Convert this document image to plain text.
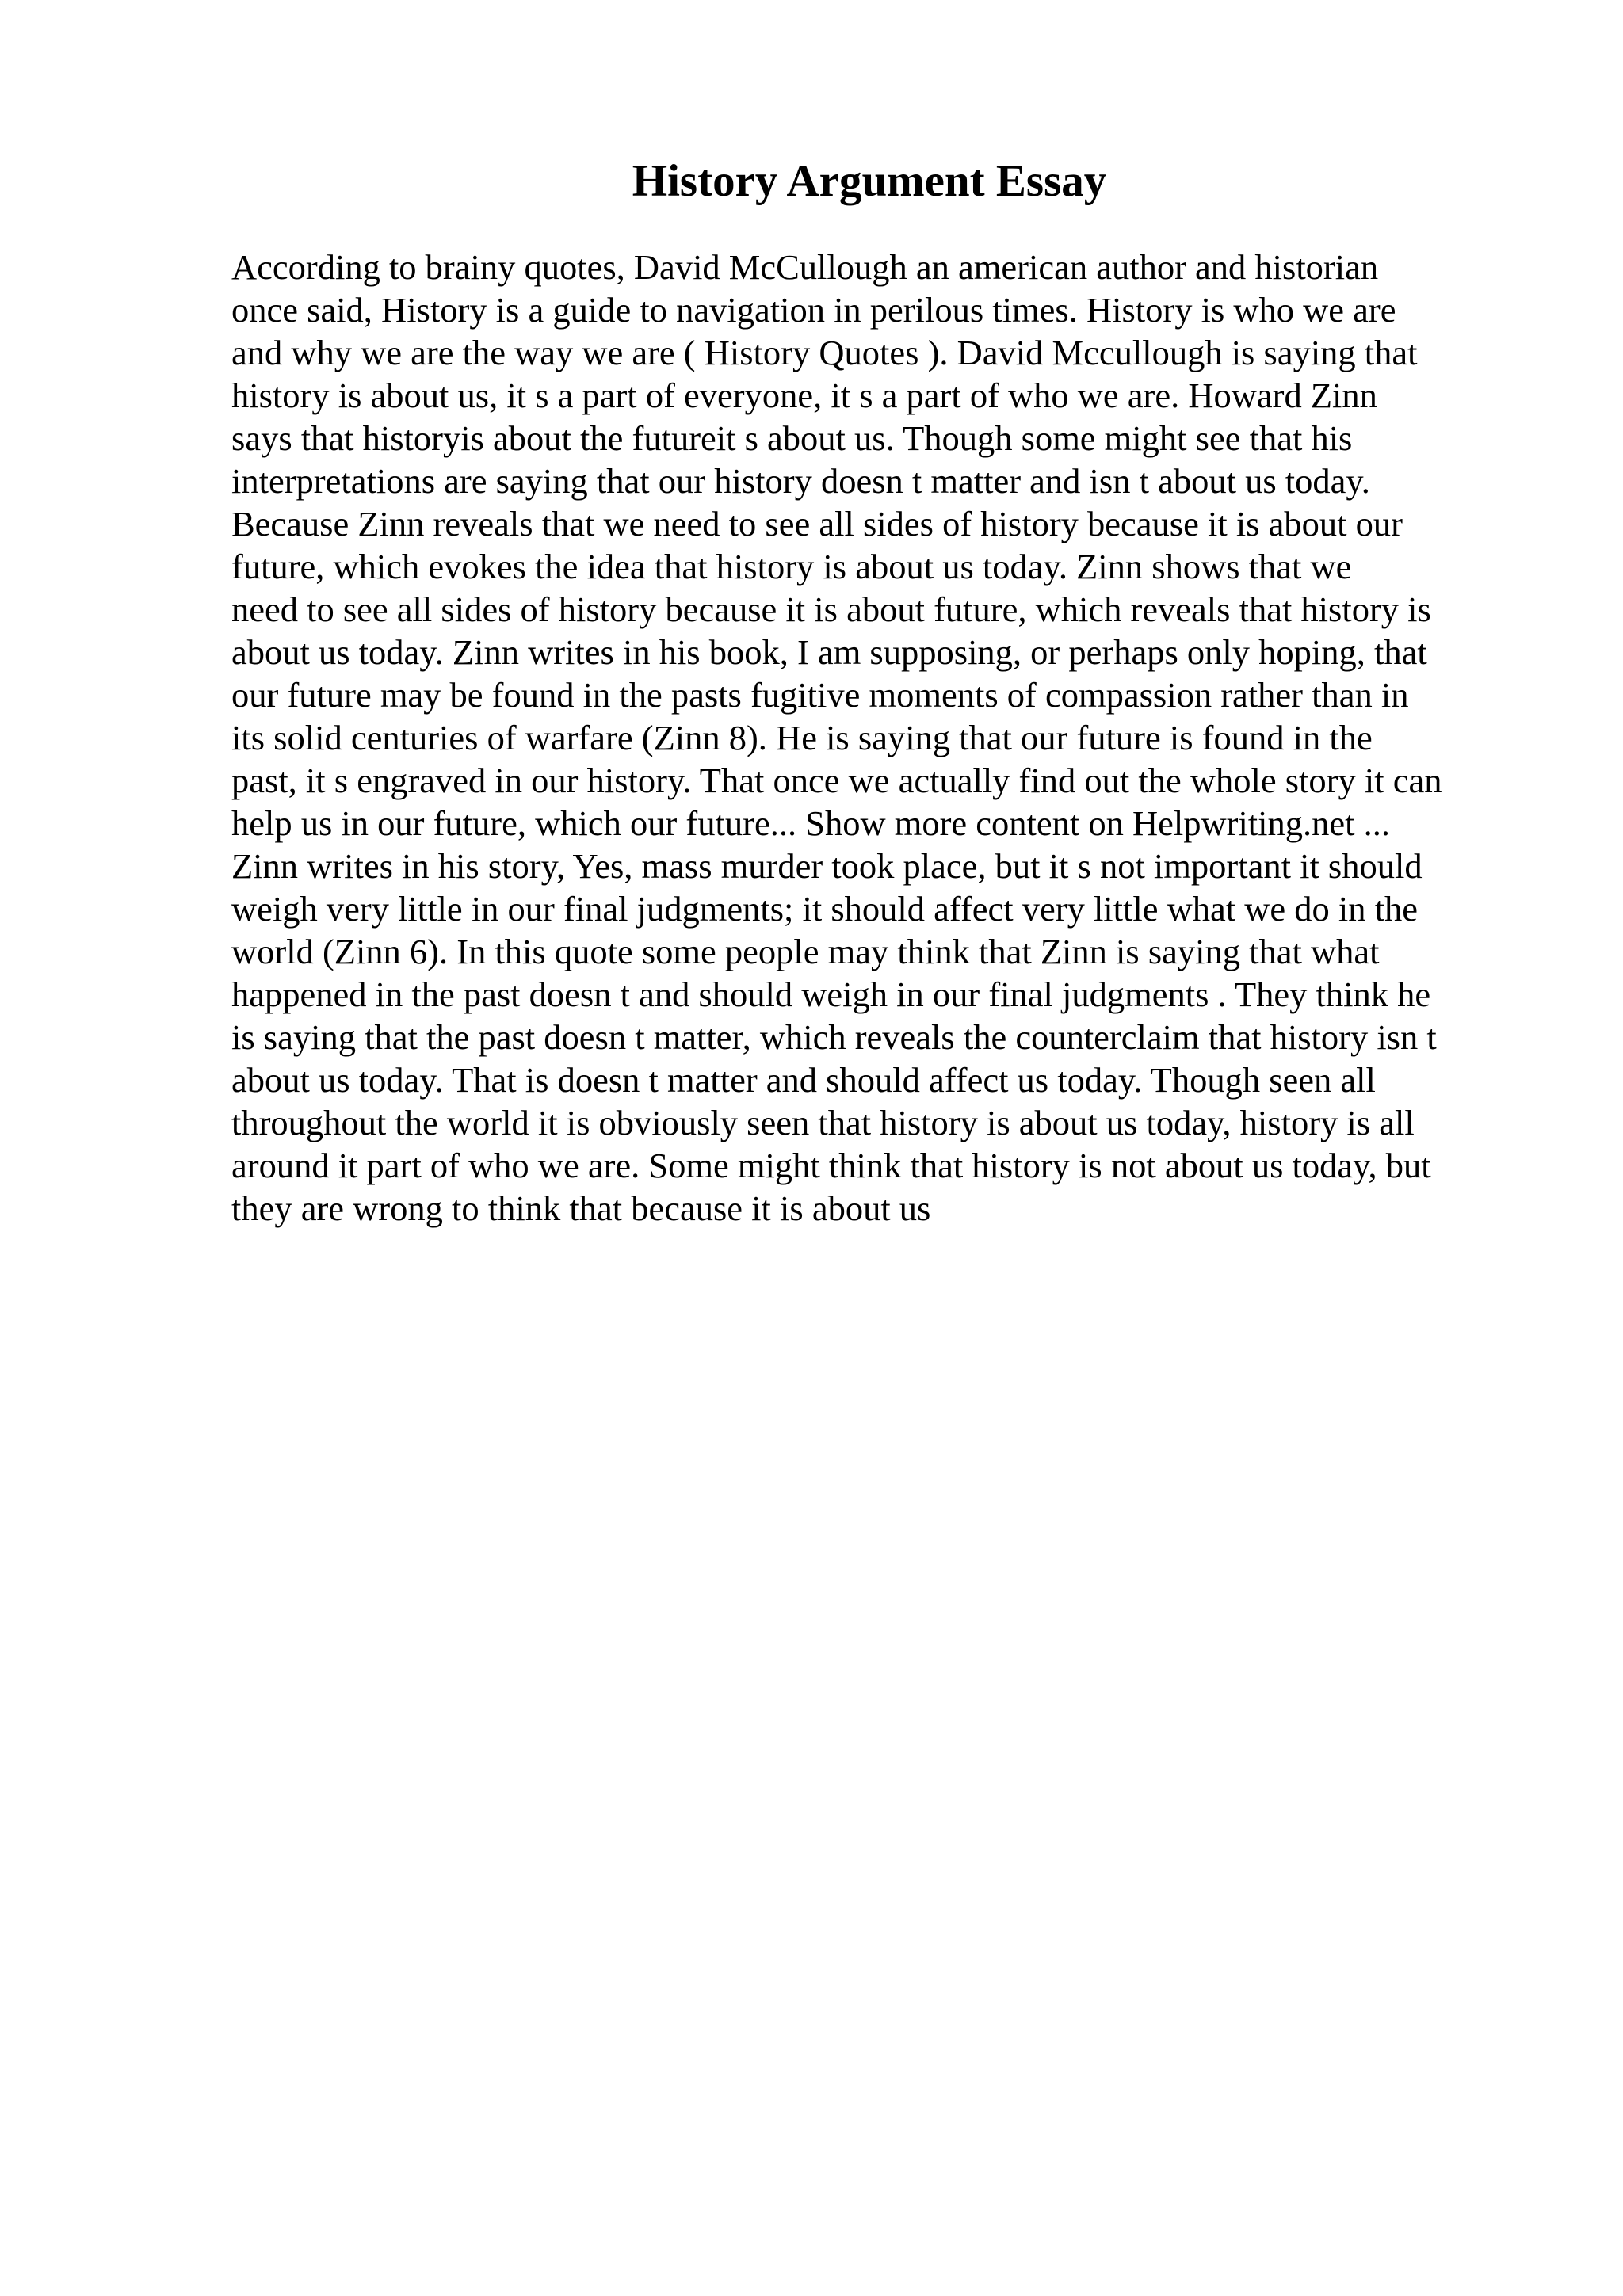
History Argument Essay
According to brainy quotes, David McCullough an american author and historian
once said, History is a guide to navigation in perilous times. History is who we are
and why we are the way we are ( History Quotes ). David Mccullough is saying that
history is about us, it s a part of everyone, it s a part of who we are. Howard Zinn
says that historyis about the futureit s about us. Though some might see that his
interpretations are saying that our history doesn t matter and isn t about us today.
Because Zinn reveals that we need to see all sides of history because it is about our
future, which evokes the idea that history is about us today. Zinn shows that we
need to see all sides of history because it is about future, which reveals that history is
about us today. Zinn writes in his book, I am supposing, or perhaps only hoping, that
our future may be found in the pasts fugitive moments of compassion rather than in
its solid centuries of warfare (Zinn 8). He is saying that our future is found in the
past, it s engraved in our history. That once we actually find out the whole story it can
help us in our future, which our future... Show more content on Helpwriting.net ...
Zinn writes in his story, Yes, mass murder took place, but it s not important it should
weigh very little in our final judgments; it should affect very little what we do in the
world (Zinn 6). In this quote some people may think that Zinn is saying that what
happened in the past doesn t and should weigh in our final judgments . They think he
is saying that the past doesn t matter, which reveals the counterclaim that history isn t
about us today. That is doesn t matter and should affect us today. Though seen all
throughout the world it is obviously seen that history is about us today, history is all
around it part of who we are. Some might think that history is not about us today, but
they are wrong to think that because it is about us
